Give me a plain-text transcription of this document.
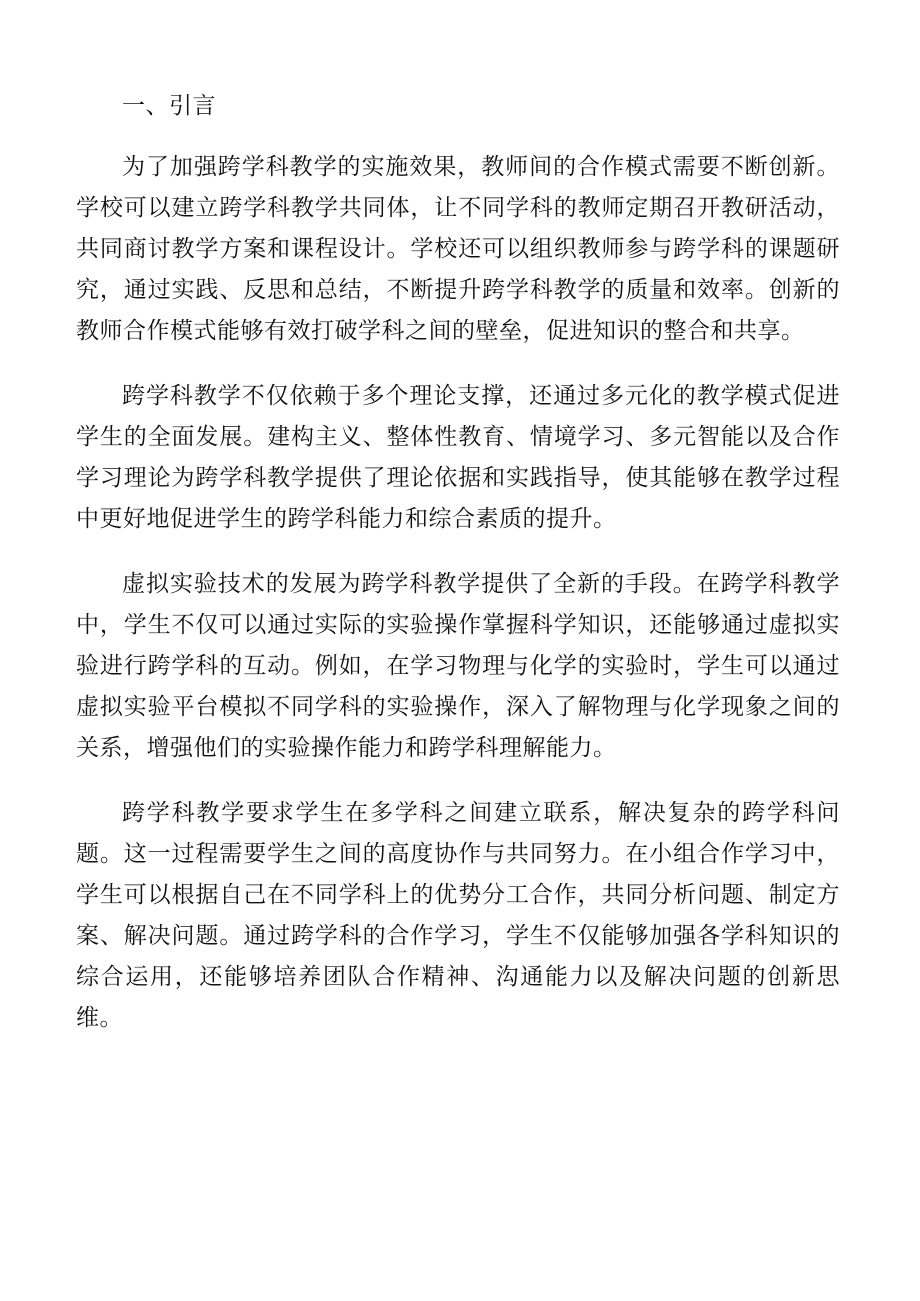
一、引言

为了加强跨学科教学的实施效果，教师间的合作模式需要不断创新。学校可以建立跨学科教学共同体，让不同学科的教师定期召开教研活动，共同商讨教学方案和课程设计。学校还可以组织教师参与跨学科的课题研究，通过实践、反思和总结，不断提升跨学科教学的质量和效率。创新的教师合作模式能够有效打破学科之间的壁垒，促进知识的整合和共享。

跨学科教学不仅依赖于多个理论支撑，还通过多元化的教学模式促进学生的全面发展。建构主义、整体性教育、情境学习、多元智能以及合作学习理论为跨学科教学提供了理论依据和实践指导，使其能够在教学过程中更好地促进学生的跨学科能力和综合素质的提升。

虚拟实验技术的发展为跨学科教学提供了全新的手段。在跨学科教学中，学生不仅可以通过实际的实验操作掌握科学知识，还能够通过虚拟实验进行跨学科的互动。例如，在学习物理与化学的实验时，学生可以通过虚拟实验平台模拟不同学科的实验操作，深入了解物理与化学现象之间的关系，增强他们的实验操作能力和跨学科理解能力。

跨学科教学要求学生在多学科之间建立联系，解决复杂的跨学科问题。这一过程需要学生之间的高度协作与共同努力。在小组合作学习中，学生可以根据自己在不同学科上的优势分工合作，共同分析问题、制定方案、解决问题。通过跨学科的合作学习，学生不仅能够加强各学科知识的综合运用，还能够培养团队合作精神、沟通能力以及解决问题的创新思维。
